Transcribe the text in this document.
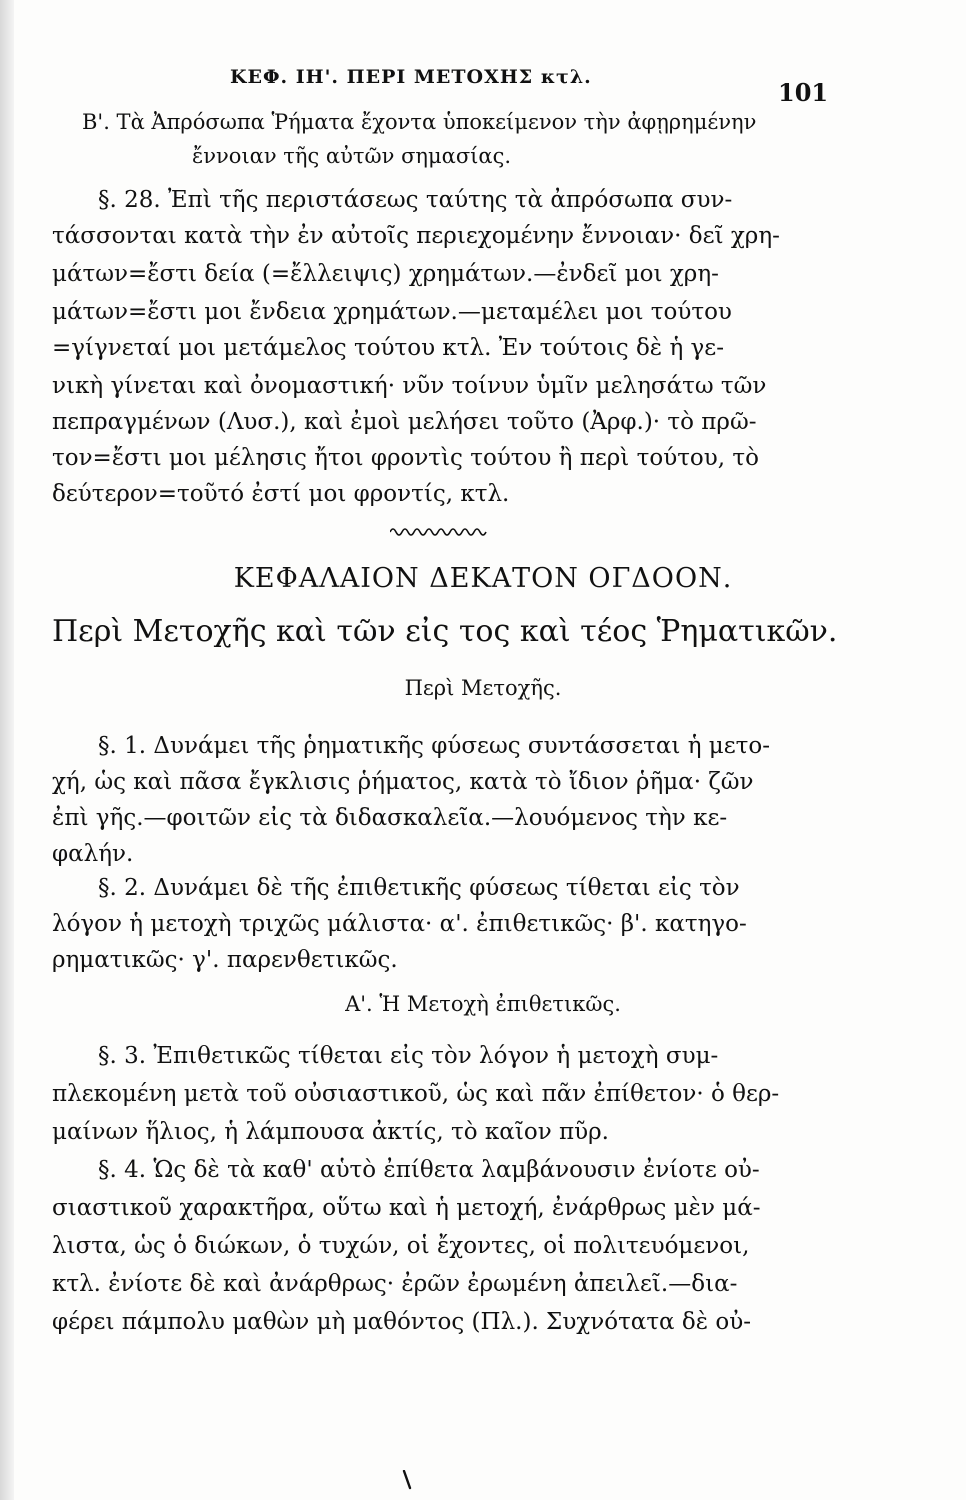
ΚΕΦ. ΙΗ'. ΠΕΡΙ ΜΕΤΟΧΗΣ κτλ.
101
Β'. Τὰ Ἀπρόσωπα Ῥήματα ἔχοντα ὑποκείμενον τὴν ἀφῃρημένην
ἔννοιαν τῆς αὐτῶν σημασίας.
§. 28. Ἐπὶ τῆς περιστάσεως ταύτης τὰ ἀπρόσωπα συν-
τάσσονται κατὰ τὴν ἐν αὐτοῖς περιεχομένην ἔννοιαν· δεῖ χρη-
μάτων=ἔστι δεία (=ἔλλειψις) χρημάτων.—ἐνδεῖ μοι χρη-
μάτων=ἔστι μοι ἔνδεια χρημάτων.—μεταμέλει μοι τούτου
=γίγνεταί μοι μετάμελος τούτου κτλ. Ἐν τούτοις δὲ ἡ γε-
νικὴ γίνεται καὶ ὀνομαστική· νῦν τοίνυν ὑμῖν μελησάτω τῶν
πεπραγμένων (Λυσ.), καὶ ἐμοὶ μελήσει τοῦτο (Ἀρφ.)· τὸ πρῶ-
τον=ἔστι μοι μέλησις ἤτοι φροντὶς τούτου ἢ περὶ τούτου, τὸ
δεύτερον=τοῦτό ἐστί μοι φροντίς, κτλ.
ΚΕΦΑΛΑΙΟΝ ΔΕΚΑΤΟΝ ΟΓΔΟΟΝ.
Περὶ Μετοχῆς καὶ τῶν εἰς τος καὶ τέος Ῥηματικῶν.
Περὶ Μετοχῆς.
§. 1. Δυνάμει τῆς ῥηματικῆς φύσεως συντάσσεται ἡ μετο-
χή, ὡς καὶ πᾶσα ἔγκλισις ῥήματος, κατὰ τὸ ἴδιον ῥῆμα· ζῶν
ἐπὶ γῆς.—φοιτῶν εἰς τὰ διδασκαλεῖα.—λουόμενος τὴν κε-
φαλήν.
§. 2. Δυνάμει δὲ τῆς ἐπιθετικῆς φύσεως τίθεται εἰς τὸν
λόγον ἡ μετοχὴ τριχῶς μάλιστα· α'. ἐπιθετικῶς· β'. κατηγο-
ρηματικῶς· γ'. παρενθετικῶς.
Α'. Ἡ Μετοχὴ ἐπιθετικῶς.
§. 3. Ἐπιθετικῶς τίθεται εἰς τὸν λόγον ἡ μετοχὴ συμ-
πλεκομένη μετὰ τοῦ οὐσιαστικοῦ, ὡς καὶ πᾶν ἐπίθετον· ὁ θερ-
μαίνων ἥλιος, ἡ λάμπουσα ἀκτίς, τὸ καῖον πῦρ.
§. 4. Ὡς δὲ τὰ καθ' αὑτὸ ἐπίθετα λαμβάνουσιν ἐνίοτε οὐ-
σιαστικοῦ χαρακτῆρα, οὕτω καὶ ἡ μετοχή, ἐνάρθρως μὲν μά-
λιστα, ὡς ὁ διώκων, ὁ τυχών, οἱ ἔχοντες, οἱ πολιτευόμενοι,
κτλ. ἐνίοτε δὲ καὶ ἀνάρθρως· ἐρῶν ἐρωμένη ἀπειλεῖ.—δια-
φέρει πάμπολυ μαθὼν μὴ μαθόντος (Πλ.). Συχνότατα δὲ οὐ-
